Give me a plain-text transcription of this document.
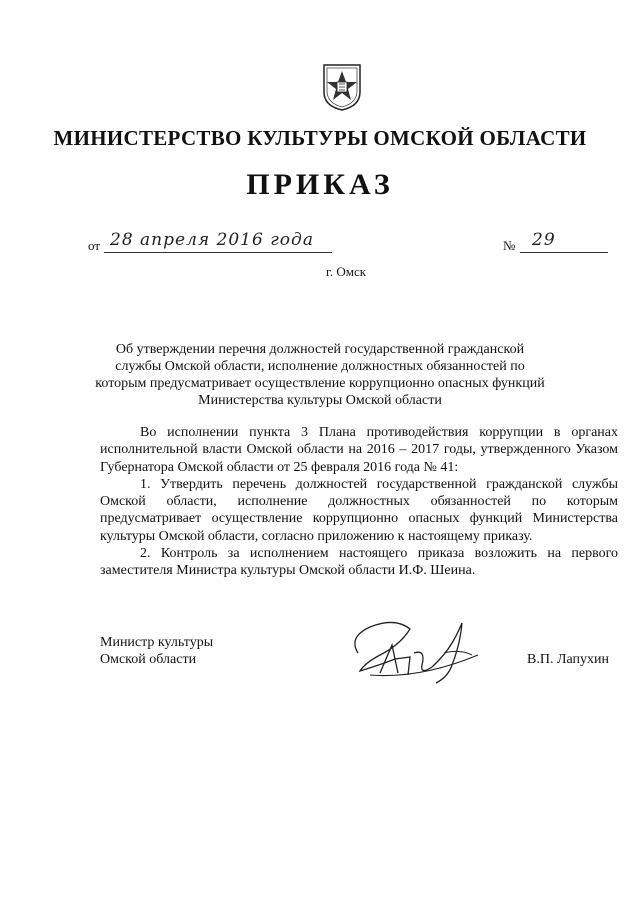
МИНИСТЕРСТВО КУЛЬТУРЫ ОМСКОЙ ОБЛАСТИ
ПРИКАЗ
от 28 апреля 2016 года	№ 29
г. Омск
Об утверждении перечня должностей государственной гражданской службы Омской области, исполнение должностных обязанностей по которым предусматривает осуществление коррупционно опасных функций Министерства культуры Омской области

Во исполнении пункта 3 Плана противодействия коррупции в органах исполнительной власти Омской области на 2016 – 2017 годы, утвержденного Указом Губернатора Омской области от 25 февраля 2016 года № 41:

1. Утвердить перечень должностей государственной гражданской службы Омской области, исполнение должностных обязанностей по которым предусматривает осуществление коррупционно опасных функций Министерства культуры Омской области, согласно приложению к настоящему приказу.

2. Контроль за исполнением настоящего приказа возложить на первого заместителя Министра культуры Омской области И.Ф. Шеина.

Министр культуры
Омской области	В.П. Лапухин
